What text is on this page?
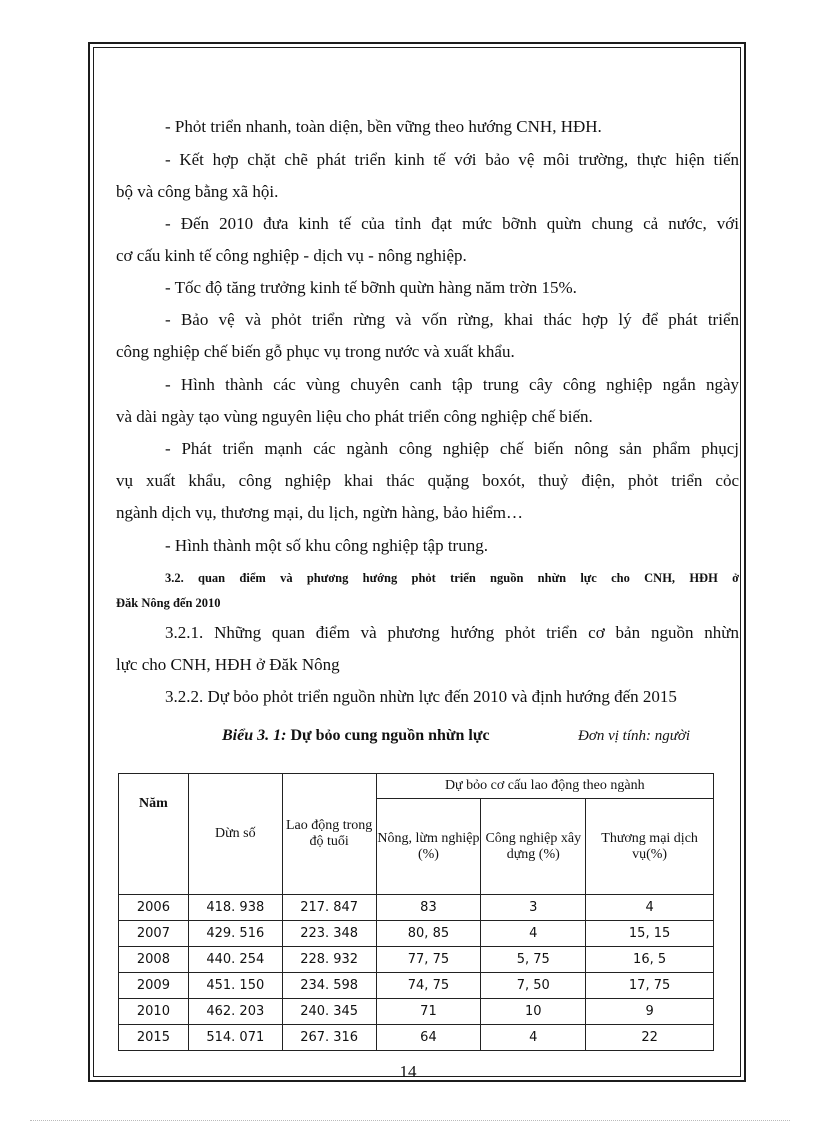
- Phỏt triển nhanh, toàn diện, bền vững theo hướng CNH, HĐH.
- Kết hợp chặt chẽ phát triển kinh tế với bảo vệ môi trường, thực hiện tiến
bộ và công bằng xã hội.
- Đến 2010 đưa kinh tế của tỉnh đạt mức bỡnh quừn chung cả nước, với
cơ cấu kinh tế công nghiệp - dịch vụ - nông nghiệp.
- Tốc độ tăng trưởng kinh tế bỡnh quừn hàng năm trờn 15%.
- Bảo vệ và phỏt triển rừng và vốn rừng, khai thác hợp lý để phát triển
công nghiệp chế biến gỗ phục vụ trong nước và xuất khẩu.
- Hình thành các vùng chuyên canh tập trung cây công nghiệp ngắn ngày
và dài ngày tạo vùng nguyên liệu cho phát triển công nghiệp chế biến.
- Phát triển mạnh các ngành công nghiệp chế biến nông sản phẩm phụcj
vụ xuất khẩu, công nghiệp khai thác quặng boxót, thuỷ điện, phỏt triển cỏc
ngành dịch vụ, thương mại, du lịch, ngừn hàng, bảo hiểm…
- Hình thành một số khu công nghiệp tập trung.
3.2. quan điểm và phương hướng phỏt triển nguồn nhừn lực cho CNH, HĐH ở
Đăk Nông đến 2010
3.2.1. Những quan điểm và phương hướng phỏt triển cơ bản nguồn nhừn
lực cho CNH, HĐH ở Đăk Nông
3.2.2. Dự bỏo phỏt triển nguồn nhừn lực đến 2010 và định hướng đến 2015
Biểu 3. 1: Dự bỏo cung nguồn nhừn lực	Đơn vị tính: người
Năm	Dừn số	Lao động trong độ tuổi	Dự bỏo cơ cấu lao động theo ngành		
			Nông, lừm nghiệp (%)	Công nghiệp xây dựng (%)	Thương mại dịch vụ(%)
2006	418. 938	217. 847	83	3	4
2007	429. 516	223. 348	80, 85	4	15, 15
2008	440. 254	228. 932	77, 75	5, 75	16, 5
2009	451. 150	234. 598	74, 75	7, 50	17, 75
2010	462. 203	240. 345	71	10	9
2015	514. 071	267. 316	64	4	22
14
